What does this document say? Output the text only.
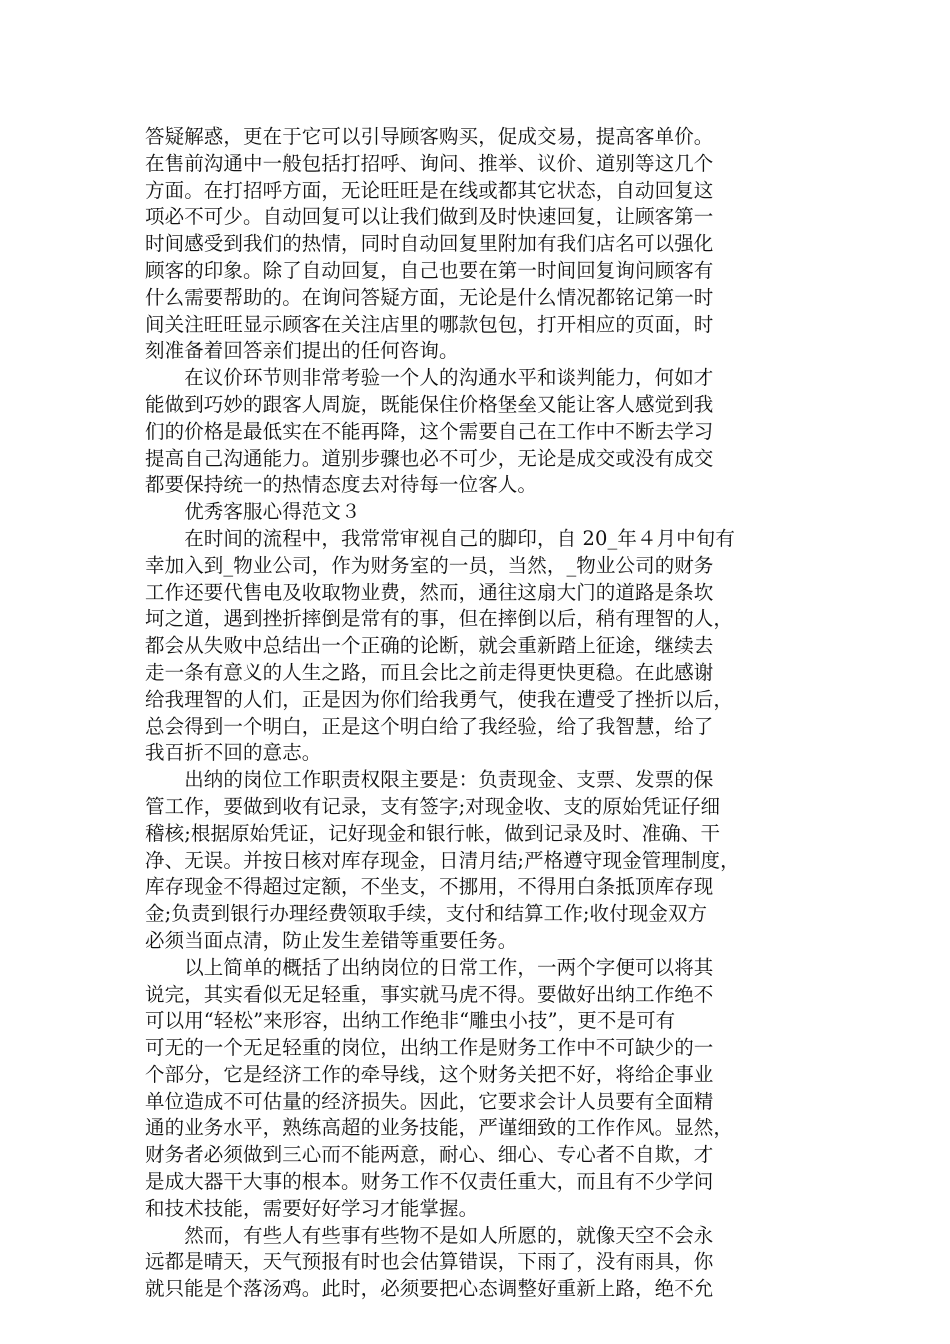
答疑解惑，更在于它可以引导顾客购买，促成交易，提高客单价。
在售前沟通中一般包括打招呼、询问、推举、议价、道别等这几个
方面。在打招呼方面，无论旺旺是在线或都其它状态，自动回复这
项必不可少。自动回复可以让我们做到及时快速回复，让顾客第一
时间感受到我们的热情，同时自动回复里附加有我们店名可以强化
顾客的印象。除了自动回复，自己也要在第一时间回复询问顾客有
什么需要帮助的。在询问答疑方面，无论是什么情况都铭记第一时
间关注旺旺显示顾客在关注店里的哪款包包，打开相应的页面，时
刻准备着回答亲们提出的任何咨询。
　　在议价环节则非常考验一个人的沟通水平和谈判能力，何如才
能做到巧妙的跟客人周旋，既能保住价格堡垒又能让客人感觉到我
们的价格是最低实在不能再降，这个需要自己在工作中不断去学习
提高自己沟通能力。道别步骤也必不可少，无论是成交或没有成交
都要保持统一的热情态度去对待每一位客人。
　　优秀客服心得范文３
　　在时间的流程中，我常常审视自己的脚印，自 20_年４月中旬有
幸加入到_物业公司，作为财务室的一员，当然，_物业公司的财务
工作还要代售电及收取物业费，然而，通往这扇大门的道路是条坎
坷之道，遇到挫折摔倒是常有的事，但在摔倒以后，稍有理智的人，
都会从失败中总结出一个正确的论断，就会重新踏上征途，继续去
走一条有意义的人生之路，而且会比之前走得更快更稳。在此感谢
给我理智的人们，正是因为你们给我勇气，使我在遭受了挫折以后，
总会得到一个明白，正是这个明白给了我经验，给了我智慧，给了
我百折不回的意志。
　　出纳的岗位工作职责权限主要是：负责现金、支票、发票的保
管工作，要做到收有记录，支有签字;对现金收、支的原始凭证仔细
稽核;根据原始凭证，记好现金和银行帐，做到记录及时、准确、干
净、无误。并按日核对库存现金，日清月结;严格遵守现金管理制度，
库存现金不得超过定额，不坐支，不挪用，不得用白条抵顶库存现
金;负责到银行办理经费领取手续，支付和结算工作;收付现金双方
必须当面点清，防止发生差错等重要任务。
　　以上简单的概括了出纳岗位的日常工作，一两个字便可以将其
说完，其实看似无足轻重，事实就马虎不得。要做好出纳工作绝不
可以用“轻松”来形容，出纳工作绝非“雕虫小技”，更不是可有
可无的一个无足轻重的岗位，出纳工作是财务工作中不可缺少的一
个部分，它是经济工作的牵导线，这个财务关把不好，将给企事业
单位造成不可估量的经济损失。因此，它要求会计人员要有全面精
通的业务水平，熟练高超的业务技能，严谨细致的工作作风。显然，
财务者必须做到三心而不能两意，耐心、细心、专心者不自欺，才
是成大器干大事的根本。财务工作不仅责任重大，而且有不少学问
和技术技能，需要好好学习才能掌握。
　　然而，有些人有些事有些物不是如人所愿的，就像天空不会永
远都是晴天，天气预报有时也会估算错误，下雨了，没有雨具，你
就只能是个落汤鸡。此时，必须要把心态调整好重新上路，绝不允
